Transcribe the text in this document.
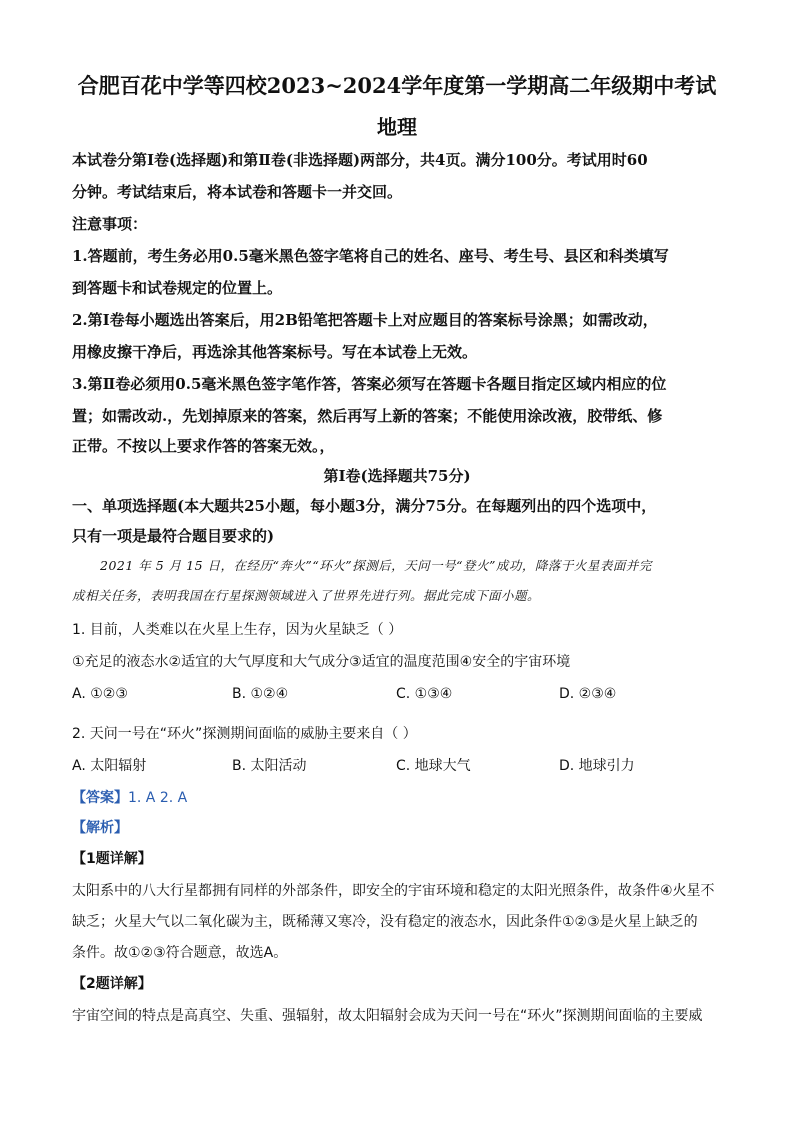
合肥百花中学等四校2023~2024学年度第一学期高二年级期中考试
地理
本试卷分第Ⅰ卷(选择题)和第Ⅱ卷(非选择题)两部分，共4页。满分100分。考试用时60
分钟。考试结束后，将本试卷和答题卡一并交回。
注意事项：
1.答题前，考生务必用0.5毫米黑色签字笔将自己的姓名、座号、考生号、县区和科类填写
到答题卡和试卷规定的位置上。
2.第Ⅰ卷每小题选出答案后，用2B铅笔把答题卡上对应题目的答案标号涂黑；如需改动，
用橡皮擦干净后，再选涂其他答案标号。写在本试卷上无效。
3.第Ⅱ卷必须用0.5毫米黑色签字笔作答，答案必须写在答题卡各题目指定区域内相应的位
置；如需改动.，先划掉原来的答案，然后再写上新的答案；不能使用涂改液，胶带纸、修
正带。不按以上要求作答的答案无效。，
第Ⅰ卷(选择题共75分)
一、单项选择题(本大题共25小题，每小题3分，满分75分。在每题列出的四个选项中，
只有一项是最符合题目要求的)
2021 年 5 月 15 日，在经历“奔火”“环火”探测后，天问一号“登火”成功，降落于火星表面并完
成相关任务，表明我国在行星探测领域进入了世界先进行列。据此完成下面小题。
1. 目前，人类难以在火星上生存，因为火星缺乏（ ）
①充足的液态水②适宜的大气厚度和大气成分③适宜的温度范围④安全的宇宙环境
A. ①②③	B. ①②④	C. ①③④	D. ②③④
2. 天问一号在“环火”探测期间面临的威胁主要来自（ ）
A. 太阳辐射	B. 太阳活动	C. 地球大气	D. 地球引力
【答案】1. A 2. A
【解析】
【1题详解】
太阳系中的八大行星都拥有同样的外部条件，即安全的宇宙环境和稳定的太阳光照条件，故条件④火星不
缺乏；火星大气以二氧化碳为主，既稀薄又寒冷，没有稳定的液态水，因此条件①②③是火星上缺乏的
条件。故①②③符合题意，故选A。
【2题详解】
宇宙空间的特点是高真空、失重、强辐射，故太阳辐射会成为天问一号在“环火”探测期间面临的主要威
